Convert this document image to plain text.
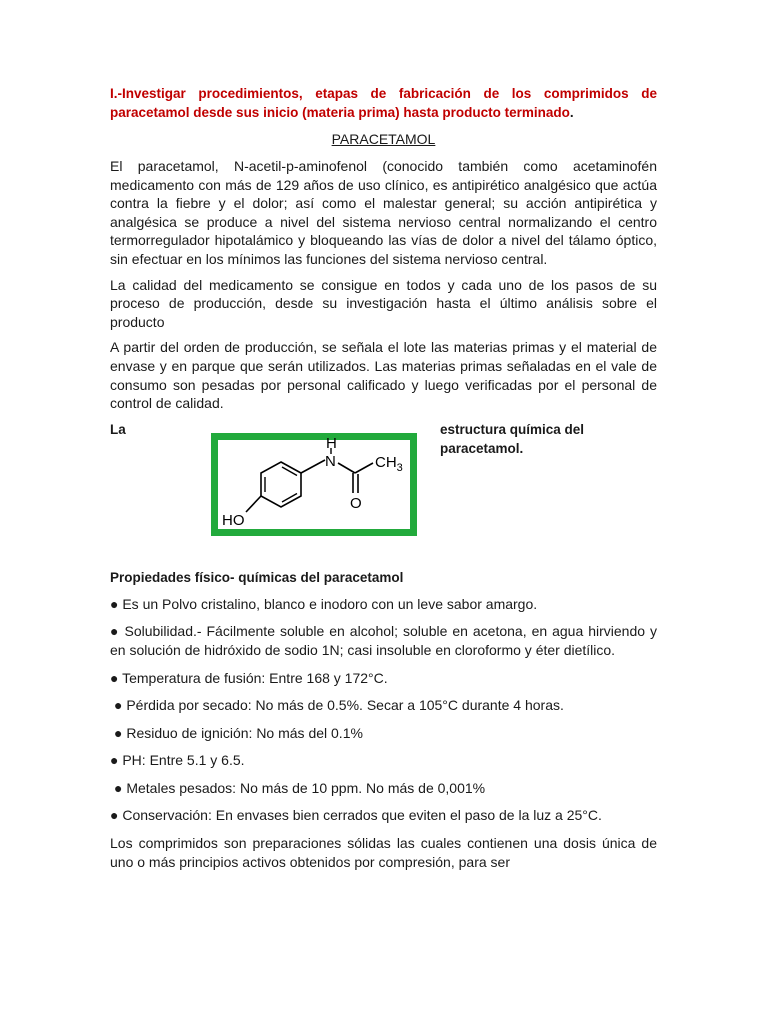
I.-Investigar procedimientos, etapas de fabricación de los comprimidos de paracetamol desde sus inicio (materia prima) hasta producto terminado.
PARACETAMOL

El paracetamol, N-acetil-p-aminofenol (conocido también como acetaminofén medicamento con más de 129 años de uso clínico, es antipirético analgésico que actúa contra la fiebre y el dolor; así como el malestar general; su acción antipirética y analgésica se produce a nivel del sistema nervioso central normalizando el centro termorregulador hipotalámico y bloqueando las vías de dolor a nivel del tálamo óptico, sin efectuar en los mínimos las funciones del sistema nervioso central.

La calidad del medicamento se consigue en todos y cada uno de los pasos de su proceso de producción, desde su investigación hasta el último análisis sobre el producto

A partir del orden de producción, se señala el lote las materias primas y el material de envase y en parque que serán utilizados. Las materias primas señaladas en el vale de consumo son pesadas por personal calificado y luego verificadas por el personal de control de calidad.

La
H
N	$CH_3$
O
HO
estructura química del paracetamol.
Propiedades físico- químicas del paracetamol
● Es un Polvo cristalino, blanco e inodoro con un leve sabor amargo.
● Solubilidad.- Fácilmente soluble en alcohol; soluble en acetona, en agua hirviendo y en solución de hidróxido de sodio 1N; casi insoluble en cloroformo y éter dietílico.
● Temperatura de fusión: Entre 168 y 172°C.
● Pérdida por secado: No más de 0.5%. Secar a 105°C durante 4 horas.
● Residuo de ignición: No más del 0.1%
● PH: Entre 5.1 y 6.5.
● Metales pesados: No más de 10 ppm. No más de 0,001%
● Conservación: En envases bien cerrados que eviten el paso de la luz a 25°C.

Los comprimidos son preparaciones sólidas las cuales contienen una dosis única de uno o más principios activos obtenidos por compresión, para ser
